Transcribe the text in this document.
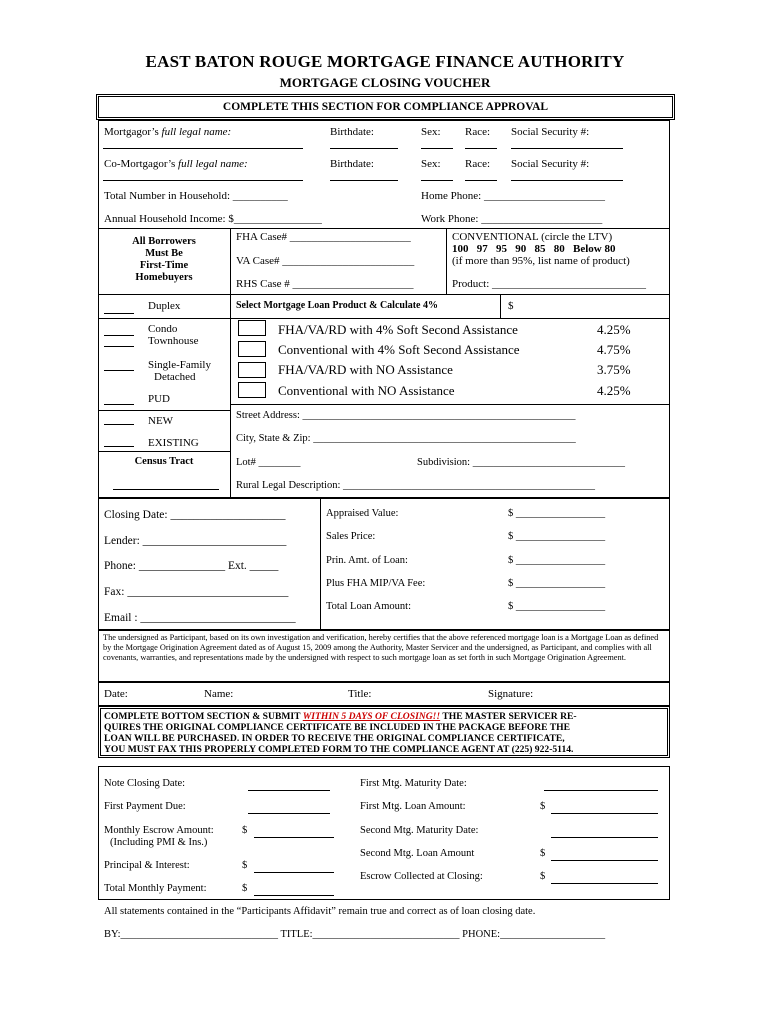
EAST BATON ROUGE MORTGAGE FINANCE AUTHORITY
MORTGAGE CLOSING VOUCHER
COMPLETE THIS SECTION FOR COMPLIANCE APPROVAL
Mortgagor’s full legal name:	Birthdate:	Sex: Race: Social Security #:
Co-Mortgagor’s full legal name:	Birthdate:	Sex: Race: Social Security #:
Total Number in Household: __________	Home Phone: ______________________
Annual Household Income: $________________	Work Phone: ______________________
All Borrowers
Must Be
First-Time
Homebuyers
FHA Case# ______________________
VA Case# ________________________
RHS Case # ______________________
CONVENTIONAL (circle the LTV)
100   97   95   90   85   80   Below 80
(if more than 95%, list name of product)
Product: ____________________________
Duplex
Condo
Townhouse
Single-Family
Detached
PUD
NEW
EXISTING
Census Tract
Select Mortgage Loan Product & Calculate 4%	$
FHA/VA/RD with 4% Soft Second Assistance	4.25%
Conventional with 4% Soft Second Assistance	4.75%
FHA/VA/RD with NO Assistance	3.75%
Conventional with NO Assistance	4.25%
Street Address: ____________________________________________________
City, State & Zip: __________________________________________________
Lot# ________	Subdivision: _____________________________
Rural Legal Description: ________________________________________________
Closing Date: ____________________
Lender: _________________________
Phone: _______________ Ext. _____
Fax: ____________________________
Email : ___________________________
Appraised Value:	$ _________________
Sales Price:	$ _________________
Prin. Amt. of Loan:	$ _________________
Plus FHA MIP/VA Fee:	$ _________________
Total Loan Amount:	$ _________________
The undersigned as Participant, based on its own investigation and verification, hereby certifies that the above referenced mortgage loan is a Mortgage Loan as defined by the Mortgage Origination Agreement dated as of August 15, 2009 among the Authority, Master Servicer and the undersigned, as Participant, and complies with all covenants, warranties, and representations made by the undersigned with respect to such mortgage loan as set forth in such Mortgage Origination Agreement.
Date:	Name:	Title:	Signature:
COMPLETE BOTTOM SECTION & SUBMIT WITHIN 5 DAYS OF CLOSING!! THE MASTER SERVICER RE-
QUIRES THE ORIGINAL COMPLIANCE CERTIFICATE BE INCLUDED IN THE PACKAGE BEFORE THE
LOAN WILL BE PURCHASED. IN ORDER TO RECEIVE THE ORIGINAL COMPLIANCE CERTIFICATE,
YOU MUST FAX THIS PROPERLY COMPLETED FORM TO THE COMPLIANCE AGENT AT (225) 922-5114.
Note Closing Date:
First Payment Due:
Monthly Escrow Amount:	$
(Including PMI & Ins.)
Principal & Interest:	$
Total Monthly Payment:	$
First Mtg. Maturity Date:
First Mtg. Loan Amount:	$
Second Mtg. Maturity Date:
Second Mtg. Loan Amount	$
Escrow Collected at Closing:	$
All statements contained in the “Participants Affidavit” remain true and correct as of loan closing date.
BY:______________________________ TITLE:____________________________ PHONE:____________________
